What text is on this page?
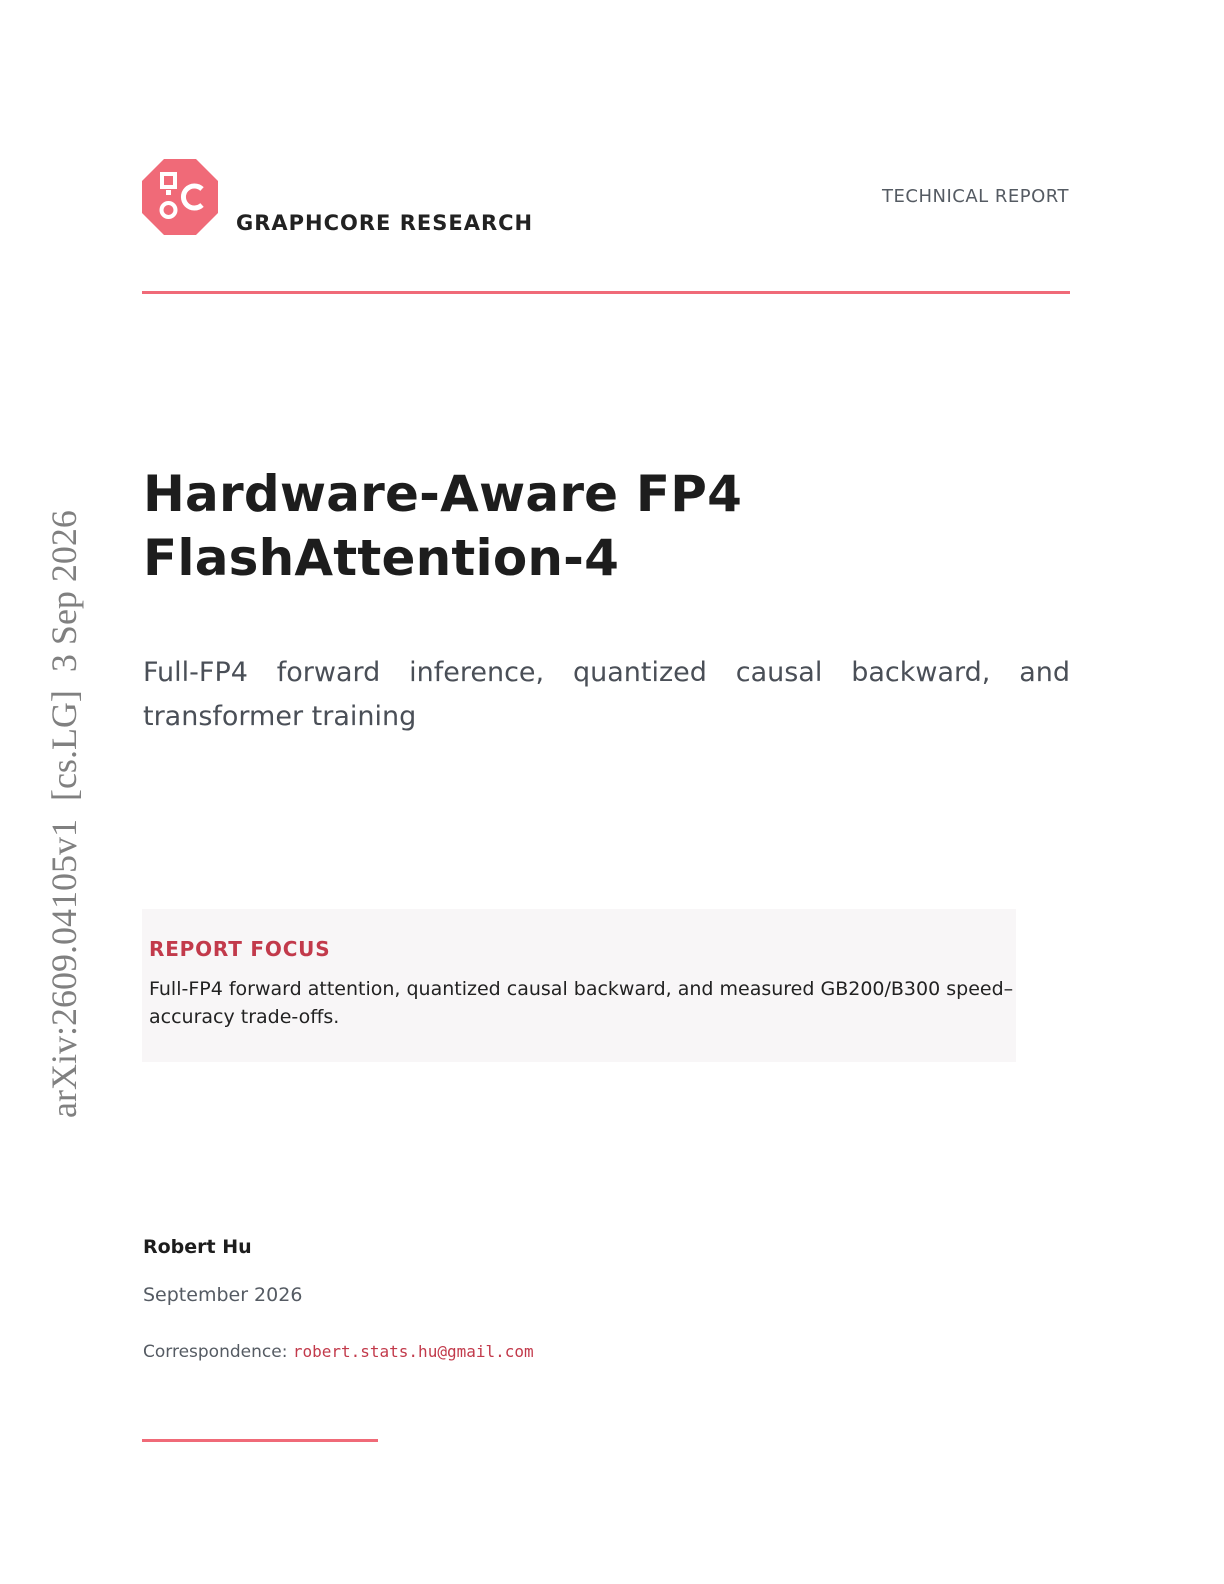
GRAPHCORE RESEARCH
TECHNICAL REPORT
arXiv:2609.04105v1  [cs.LG]  3 Sep 2026
Hardware-Aware FP4
FlashAttention-4

Full-FP4 forward inference, quantized causal backward, and transformer training

REPORT FOCUS

Full-FP4 forward attention, quantized causal backward, and measured GB200/B300 speed–accuracy trade-offs.

Robert Hu
September 2026
Correspondence: robert.stats.hu@gmail.com
